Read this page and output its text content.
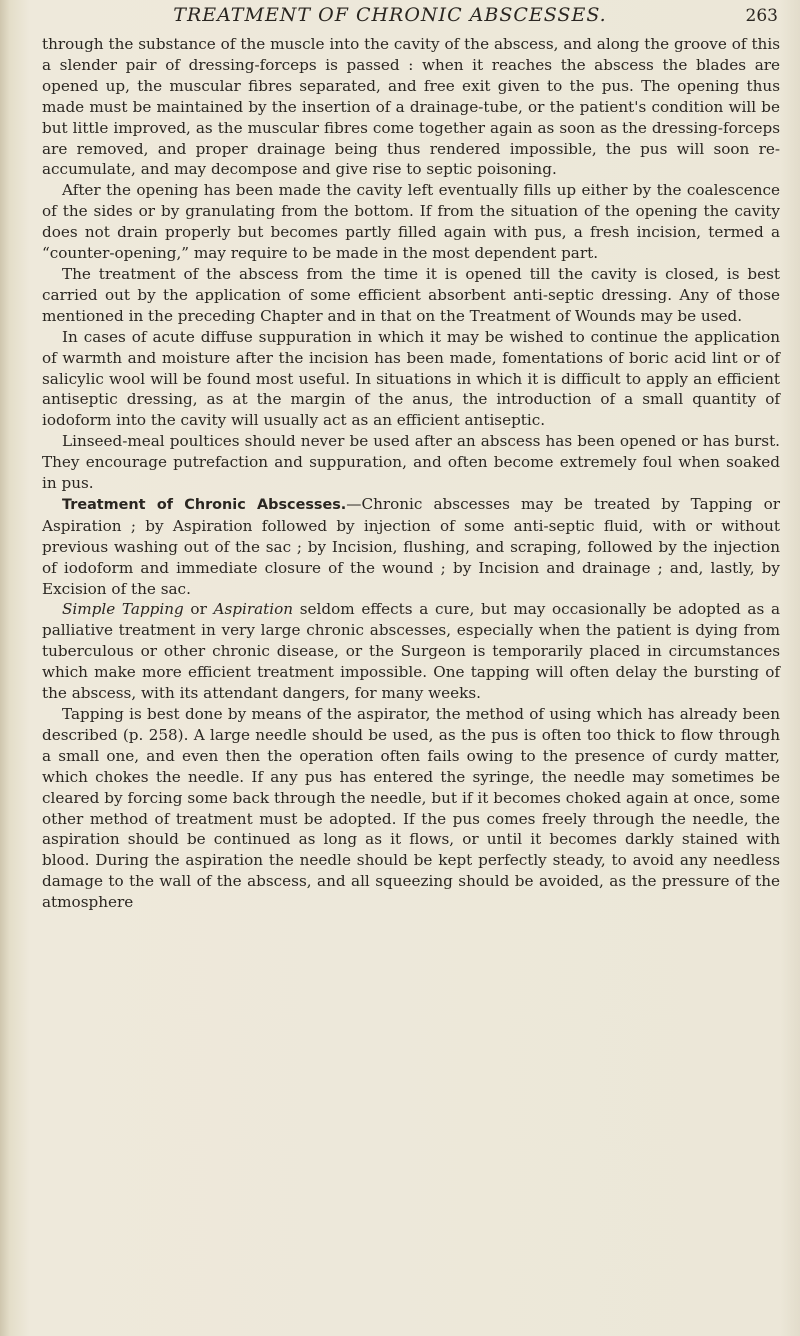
TREATMENT OF CHRONIC ABSCESSES.	263

through the substance of the muscle into the cavity of the abscess, and along the groove of this a slender pair of dressing-forceps is passed : when it reaches the abscess the blades are opened up, the muscular fibres separated, and free exit given to the pus. The opening thus made must be maintained by the insertion of a drainage-tube, or the patient's condition will be but little improved, as the muscular fibres come together again as soon as the dressing-forceps are removed, and proper drainage being thus rendered impossible, the pus will soon re-accumulate, and may decompose and give rise to septic poisoning.

After the opening has been made the cavity left eventually fills up either by the coalescence of the sides or by granulating from the bottom. If from the situation of the opening the cavity does not drain properly but becomes partly filled again with pus, a fresh incision, termed a “counter-opening,” may require to be made in the most dependent part.

The treatment of the abscess from the time it is opened till the cavity is closed, is best carried out by the application of some efficient absorbent anti-septic dressing. Any of those mentioned in the preceding Chapter and in that on the Treatment of Wounds may be used.

In cases of acute diffuse suppuration in which it may be wished to continue the application of warmth and moisture after the incision has been made, fomentations of boric acid lint or of salicylic wool will be found most useful. In situations in which it is difficult to apply an efficient antiseptic dressing, as at the margin of the anus, the introduction of a small quantity of iodoform into the cavity will usually act as an efficient antiseptic.

Linseed-meal poultices should never be used after an abscess has been opened or has burst. They encourage putrefaction and suppuration, and often become extremely foul when soaked in pus.

Treatment of Chronic Abscesses.—Chronic abscesses may be treated by Tapping or Aspiration ; by Aspiration followed by injection of some anti-septic fluid, with or without previous washing out of the sac ; by Incision, flushing, and scraping, followed by the injection of iodoform and immediate closure of the wound ; by Incision and drainage ; and, lastly, by Excision of the sac.

Simple Tapping or Aspiration seldom effects a cure, but may occasionally be adopted as a palliative treatment in very large chronic abscesses, especially when the patient is dying from tuberculous or other chronic disease, or the Surgeon is temporarily placed in circumstances which make more efficient treatment impossible. One tapping will often delay the bursting of the abscess, with its attendant dangers, for many weeks.

Tapping is best done by means of the aspirator, the method of using which has already been described (p. 258). A large needle should be used, as the pus is often too thick to flow through a small one, and even then the operation often fails owing to the presence of curdy matter, which chokes the needle. If any pus has entered the syringe, the needle may sometimes be cleared by forcing some back through the needle, but if it becomes choked again at once, some other method of treatment must be adopted. If the pus comes freely through the needle, the aspiration should be continued as long as it flows, or until it becomes darkly stained with blood. During the aspiration the needle should be kept perfectly steady, to avoid any needless damage to the wall of the abscess, and all squeezing should be avoided, as the pressure of the atmosphere
